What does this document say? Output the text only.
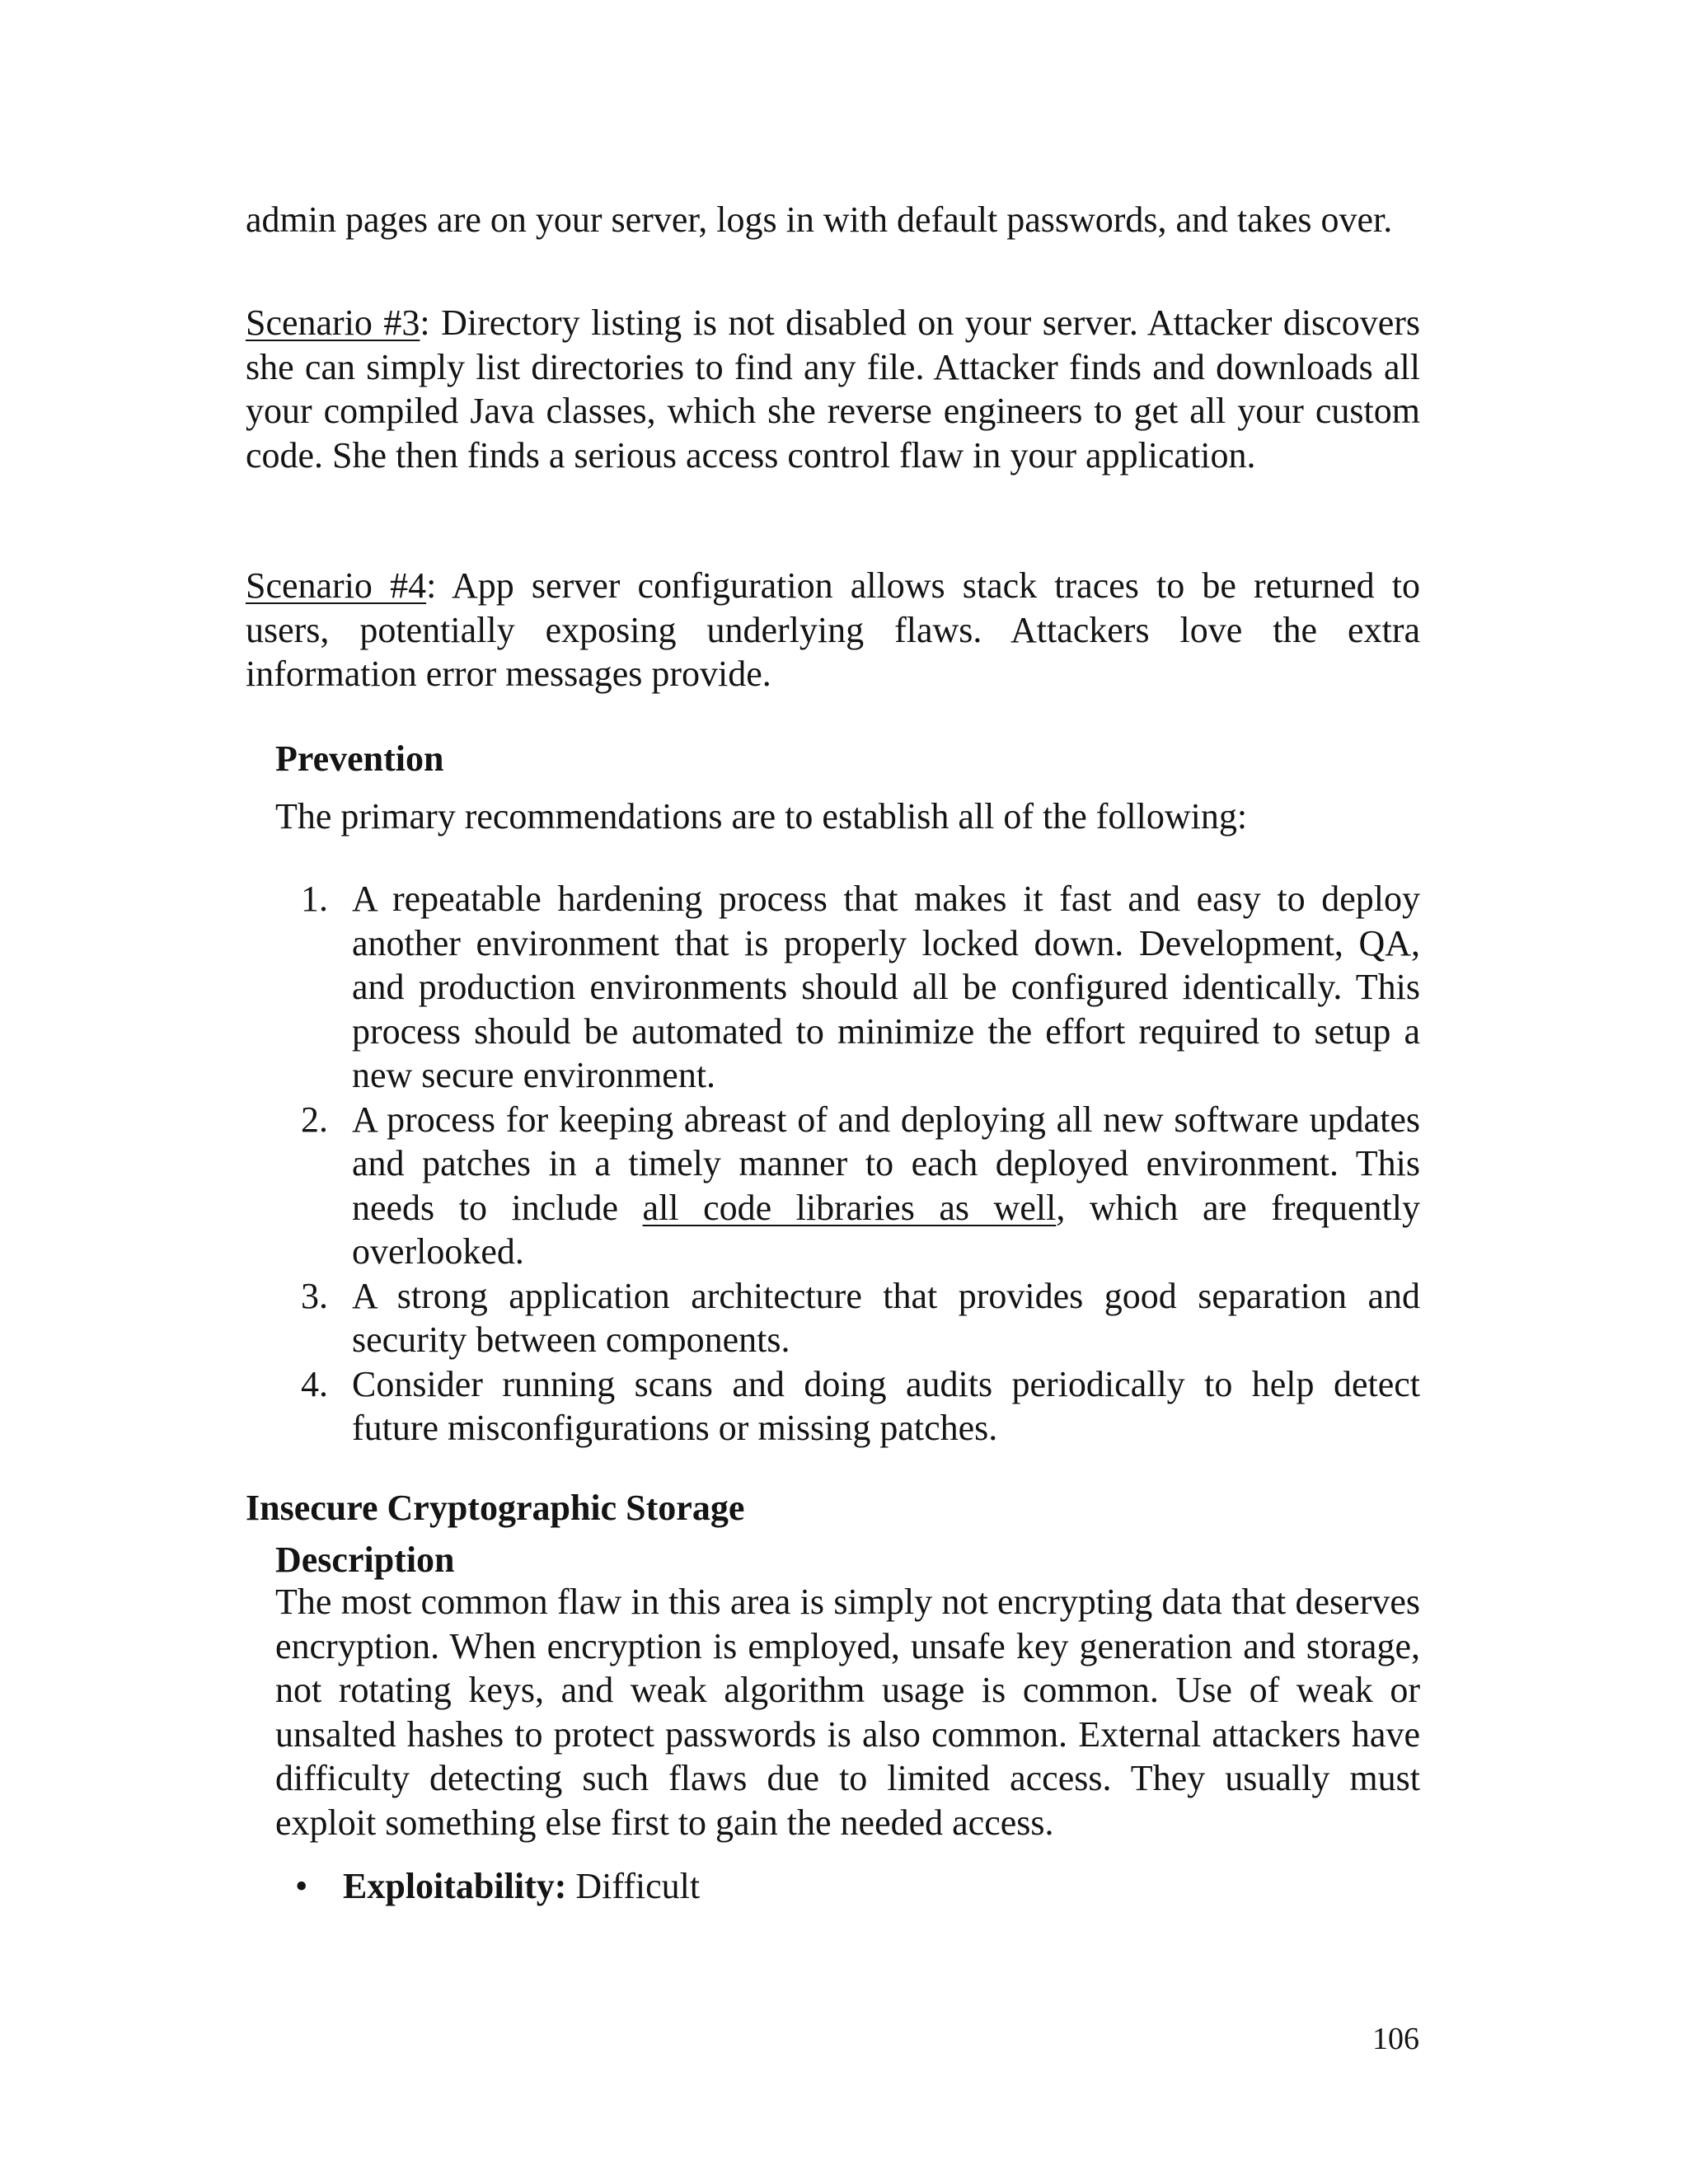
admin pages are on your server, logs in with default passwords, and takes over.

Scenario #3: Directory listing is not disabled on your server. Attacker discovers she can simply list directories to find any file. Attacker finds and downloads all your compiled Java classes, which she reverse engineers to get all your custom code. She then finds a serious access control flaw in your application.

Scenario #4: App server configuration allows stack traces to be returned to users, potentially exposing underlying flaws. Attackers love the extra information error messages provide.

Prevention
The primary recommendations are to establish all of the following:
1. A repeatable hardening process that makes it fast and easy to deploy another environment that is properly locked down. Development, QA, and production environments should all be configured identically. This process should be automated to minimize the effort required to setup a new secure environment.
2. A process for keeping abreast of and deploying all new software updates and patches in a timely manner to each deployed environment. This needs to include all code libraries as well, which are frequently overlooked.
3. A strong application architecture that provides good separation and security between components.
4. Consider running scans and doing audits periodically to help detect future misconfigurations or missing patches.
Insecure Cryptographic Storage
Description
The most common flaw in this area is simply not encrypting data that deserves encryption. When encryption is employed, unsafe key generation and storage, not rotating keys, and weak algorithm usage is common. Use of weak or unsalted hashes to protect passwords is also common. External attackers have difficulty detecting such flaws due to limited access. They usually must exploit something else first to gain the needed access.
• Exploitability: Difficult
106
